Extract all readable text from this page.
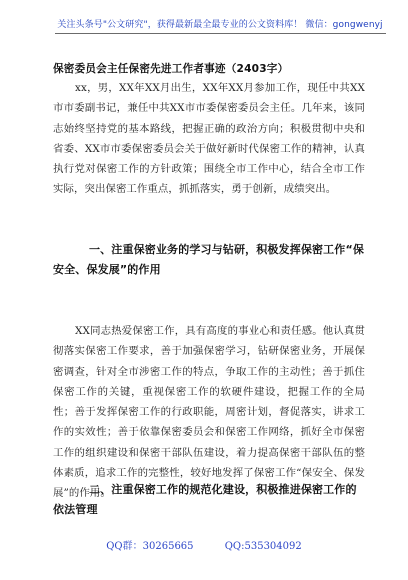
关注头条号"公文研究"，获得最新最全最专业的公文资料库！ 微信：gongwenyj
保密委员会主任保密先进工作者事迹（2403字）
xx，男，XX年XX月出生，XX年XX月参加工作，现任中共XX市市委副书记，兼任中共XX市市委保密委员会主任。几年来，该同志始终坚持党的基本路线，把握正确的政治方向；积极贯彻中央和省委、XX市市委保密委员会关于做好新时代保密工作的精神，认真执行党对保密工作的方针政策；围绕全市工作中心，结合全市工作实际，突出保密工作重点，抓抓落实，勇于创新，成绩突出。
一、注重保密业务的学习与钻研，积极发挥保密工作“保安全、保发展”的作用
XX同志热爱保密工作，具有高度的事业心和责任感。他认真贯彻落实保密工作要求，善于加强保密学习，钻研保密业务，开展保密调查，针对全市涉密工作的特点，争取工作的主动性；善于抓住保密工作的关键，重视保密工作的软硬件建设，把握工作的全局性；善于发挥保密工作的行政职能，周密计划，督促落实，讲求工作的实效性；善于依靠保密委员会和保密工作网络，抓好全市保密工作的组织建设和保密干部队伍建设，着力提高保密干部队伍的整体素质，追求工作的完整性，较好地发挥了保密工作“保安全、保发展”的作用。
二、注重保密工作的规范化建设，积极推进保密工作的依法管理
QQ群：30265665	QQ:535304092
